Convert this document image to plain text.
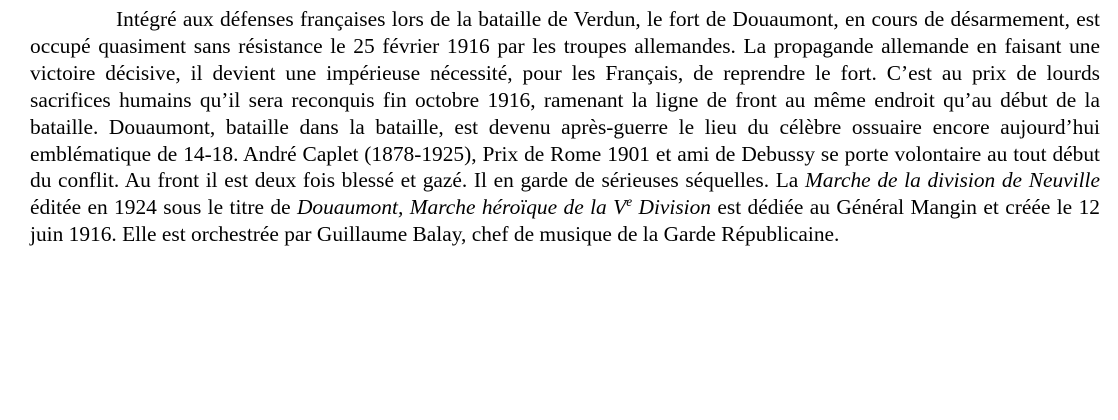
Intégré aux défenses françaises lors de la bataille de Verdun, le fort de Douaumont, en cours de désarmement, est occupé quasiment sans résistance le 25 février 1916 par les troupes allemandes. La propagande allemande en faisant une victoire décisive, il devient une impérieuse nécessité, pour les Français, de reprendre le fort. C’est au prix de lourds sacrifices humains qu’il sera reconquis fin octobre 1916, ramenant la ligne de front au même endroit qu’au début de la bataille. Douaumont, bataille dans la bataille, est devenu après-guerre le lieu du célèbre ossuaire encore aujourd’hui emblématique de 14-18. André Caplet (1878-1925), Prix de Rome 1901 et ami de Debussy se porte volontaire au tout début du conflit. Au front il est deux fois blessé et gazé. Il en garde de sérieuses séquelles. La Marche de la division de Neuville éditée en 1924 sous le titre de Douaumont, Marche héroïque de la Ve Division est dédiée au Général Mangin et créée le 12 juin 1916. Elle est orchestrée par Guillaume Balay, chef de musique de la Garde Républicaine.
